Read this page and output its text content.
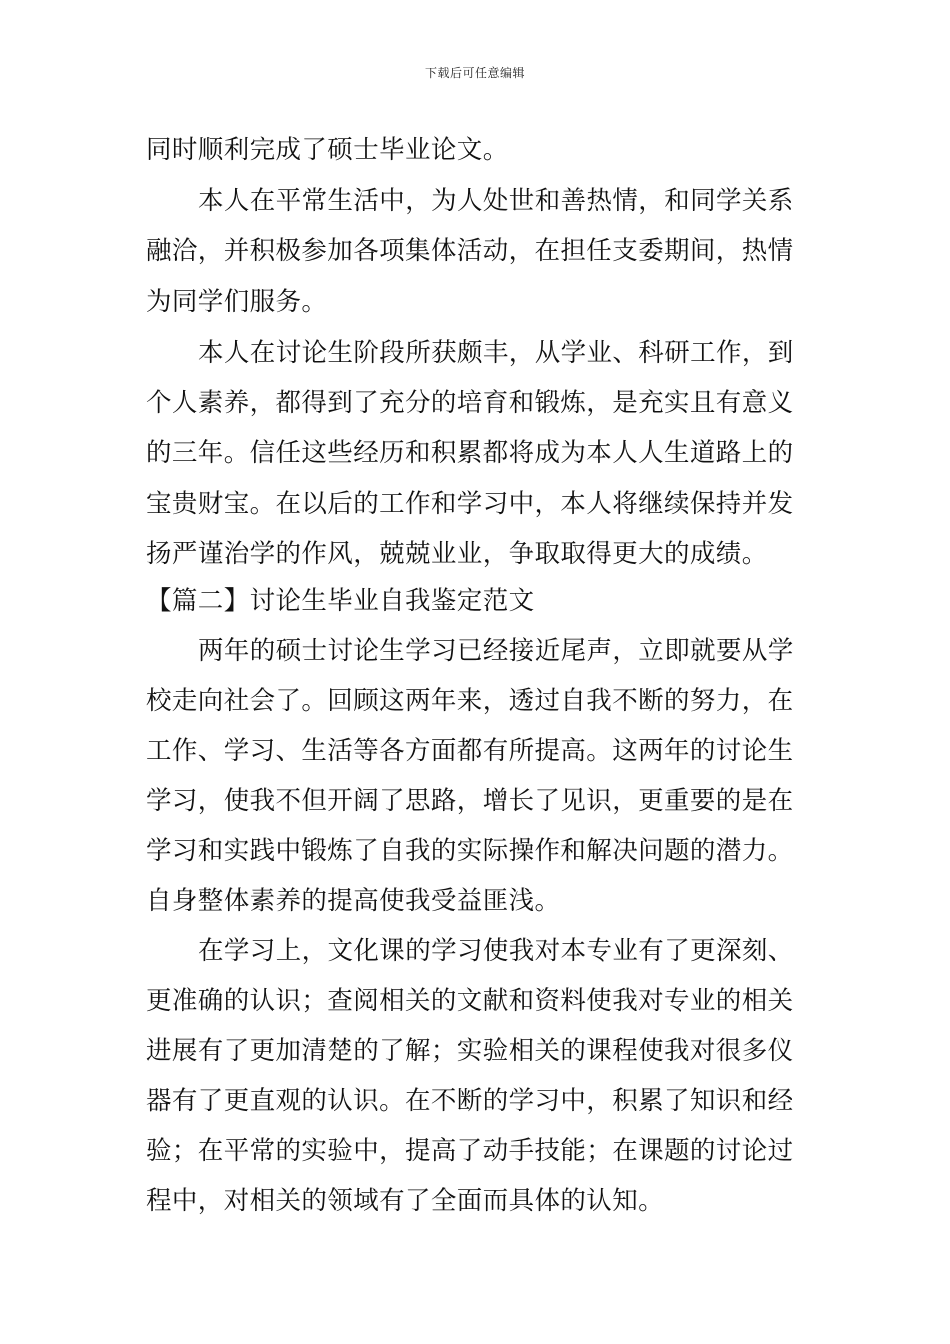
下载后可任意编辑
同时顺利完成了硕士毕业论文。
本人在平常生活中，为人处世和善热情，和同学关系
融洽，并积极参加各项集体活动，在担任支委期间，热情
为同学们服务。
本人在讨论生阶段所获颇丰，从学业、科研工作，到
个人素养，都得到了充分的培育和锻炼，是充实且有意义
的三年。信任这些经历和积累都将成为本人人生道路上的
宝贵财宝。在以后的工作和学习中，本人将继续保持并发
扬严谨治学的作风，兢兢业业，争取取得更大的成绩。
【篇二】讨论生毕业自我鉴定范文
两年的硕士讨论生学习已经接近尾声，立即就要从学
校走向社会了。回顾这两年来，透过自我不断的努力，在
工作、学习、生活等各方面都有所提高。这两年的讨论生
学习，使我不但开阔了思路，增长了见识，更重要的是在
学习和实践中锻炼了自我的实际操作和解决问题的潜力。
自身整体素养的提高使我受益匪浅。
在学习上，文化课的学习使我对本专业有了更深刻、
更准确的认识；查阅相关的文献和资料使我对专业的相关
进展有了更加清楚的了解；实验相关的课程使我对很多仪
器有了更直观的认识。在不断的学习中，积累了知识和经
验；在平常的实验中，提高了动手技能；在课题的讨论过
程中，对相关的领域有了全面而具体的认知。
